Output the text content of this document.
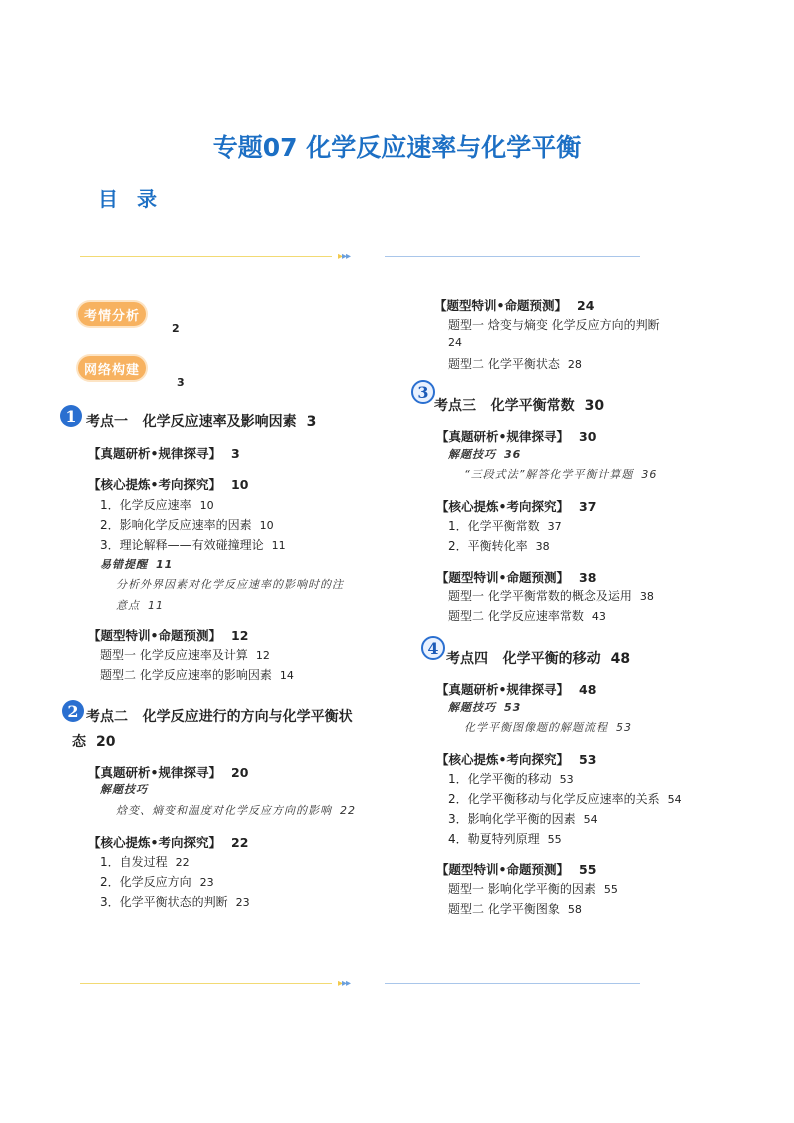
专题07 化学反应速率与化学平衡
目 录
▸▸▸
考情分析
2
网络构建
3
1 考点一 化学反应速率及影响因素 3
【真题研析•规律探寻】 3
【核心提炼•考向探究】 10
1．化学反应速率 10
2．影响化学反应速率的因素 10
3．理论解释——有效碰撞理论 11
易错提醒 11
分析外界因素对化学反应速率的影响时的注
意点 11
【题型特训•命题预测】 12
题型一 化学反应速率及计算 12
题型二 化学反应速率的影响因素 14
2 考点二 化学反应进行的方向与化学平衡状
态 20
【真题研析•规律探寻】 20
解题技巧
焓变、熵变和温度对化学反应方向的影响 22
【核心提炼•考向探究】 22
1．自发过程 22
2．化学反应方向 23
3．化学平衡状态的判断 23
【题型特训•命题预测】 24
题型一 焓变与熵变 化学反应方向的判断
24
题型二 化学平衡状态 28
3
考点三 化学平衡常数 30
【真题研析•规律探寻】 30
解题技巧 36
“三段式法”解答化学平衡计算题 36
【核心提炼•考向探究】 37
1．化学平衡常数 37
2．平衡转化率 38
【题型特训•命题预测】 38
题型一 化学平衡常数的概念及运用 38
题型二 化学反应速率常数 43
4
考点四 化学平衡的移动 48
【真题研析•规律探寻】 48
解题技巧 53
化学平衡图像题的解题流程 53
【核心提炼•考向探究】 53
1．化学平衡的移动 53
2．化学平衡移动与化学反应速率的关系 54
3．影响化学平衡的因素 54
4．勒夏特列原理 55
【题型特训•命题预测】 55
题型一 影响化学平衡的因素 55
题型二 化学平衡图象 58
▸▸▸
